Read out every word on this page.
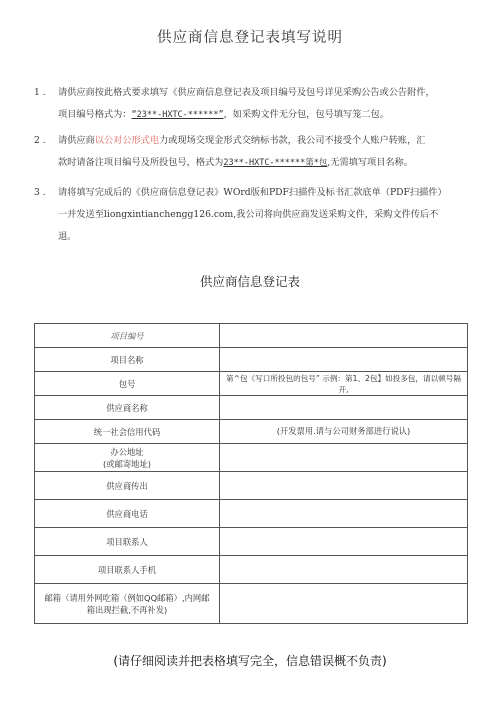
供应商信息登记表填写说明
1 . 请供应商按此格式要求填写《供应商信息登记表及项目编号及包号详见采购公告或公告附件，
项目编号格式为：“23**-HXTC-******”，如采购文件无分包，包号填写笼二包。
2 . 请供应商以公对公形式电力或现场交现金形式交纳标书款，我公司不接受个人账户转账，汇
款时请备注项目编号及所投包号，格式为23**-HXTC-******第*包,无需填写项目名称。
3 . 请将填写完成后的《供应商信息登记表》WOrd版和PDF扫描件及标书汇款底单（PDF扫描件）
一并发送至liongxintianchengg126.com,我公司将向供应商发送采购文件，采购文件传后不
退。
供应商信息登记表
项目编号	
项目名称	
包号	第^包《写口所投包的包号” 示例：第1、2包】如投多包，请以顿号隔开,
供应商名称	
统一社会信用代码	(开发票用.请与公司财务部进行说认)
办公地址
(或邮寄地址)	
供应商传出	
供应商电话	
项目联系人	
项目联系人手机	
邮箱（请用外网吃箱（例如QQ邮箱）,内网邮箱出现拦截,不再补发)	
(请仔细阅读并把表格填写完全，信息错误概不负责)
